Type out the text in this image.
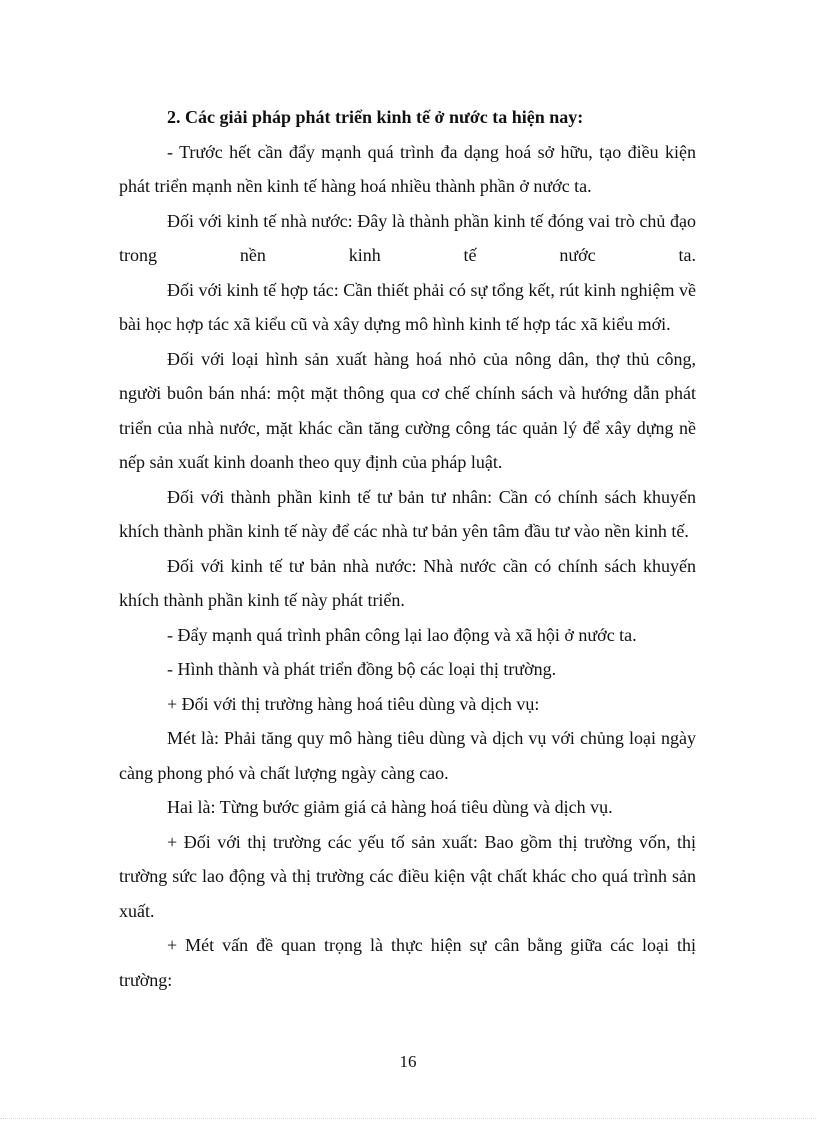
2. Các giải pháp phát triển kinh tế ở nước ta hiện nay:

- Trước hết cần đẩy mạnh quá trình đa dạng hoá sở hữu, tạo điều kiện phát triển mạnh nền kinh tế hàng hoá nhiều thành phần ở nước ta.

Đối với kinh tế nhà nước: Đây là thành phần kinh tế đóng vai trò chủ đạo trong nền kinh tế nước ta.

Đối với kinh tế hợp tác: Cần thiết phải có sự tổng kết, rút kinh nghiệm về bài học hợp tác xã kiểu cũ và xây dựng mô hình kinh tế hợp tác xã kiểu mới.

Đối với loại hình sản xuất hàng hoá nhỏ của nông dân, thợ thủ công, người buôn bán nhá: một mặt thông qua cơ chế chính sách và hướng dẫn phát triển của nhà nước, mặt khác cần tăng cường công tác quản lý để xây dựng nề nếp sản xuất kinh doanh theo quy định của pháp luật.

Đối với thành phần kinh tế tư bản tư nhân: Cần có chính sách khuyến khích thành phần kinh tế này để các nhà tư bản yên tâm đầu tư vào nền kinh tế.

Đối với kinh tế tư bản nhà nước: Nhà nước cần có chính sách khuyến khích thành phần kinh tế này phát triển.

- Đẩy mạnh quá trình phân công lại lao động và xã hội ở nước ta.

- Hình thành và phát triển đồng bộ các loại thị trường.

+ Đối với thị trường hàng hoá tiêu dùng và dịch vụ:

Mét là: Phải tăng quy mô hàng tiêu dùng và dịch vụ với chủng loại ngày càng phong phó và chất lượng ngày càng cao.

Hai là: Từng bước giảm giá cả hàng hoá tiêu dùng và dịch vụ.

+ Đối với thị trường các yếu tố sản xuất: Bao gồm thị trường vốn, thị trường sức lao động và thị trường các điều kiện vật chất khác cho quá trình sản xuất.

+ Mét vấn đề quan trọng là thực hiện sự cân bằng giữa các loại thị trường:

16
